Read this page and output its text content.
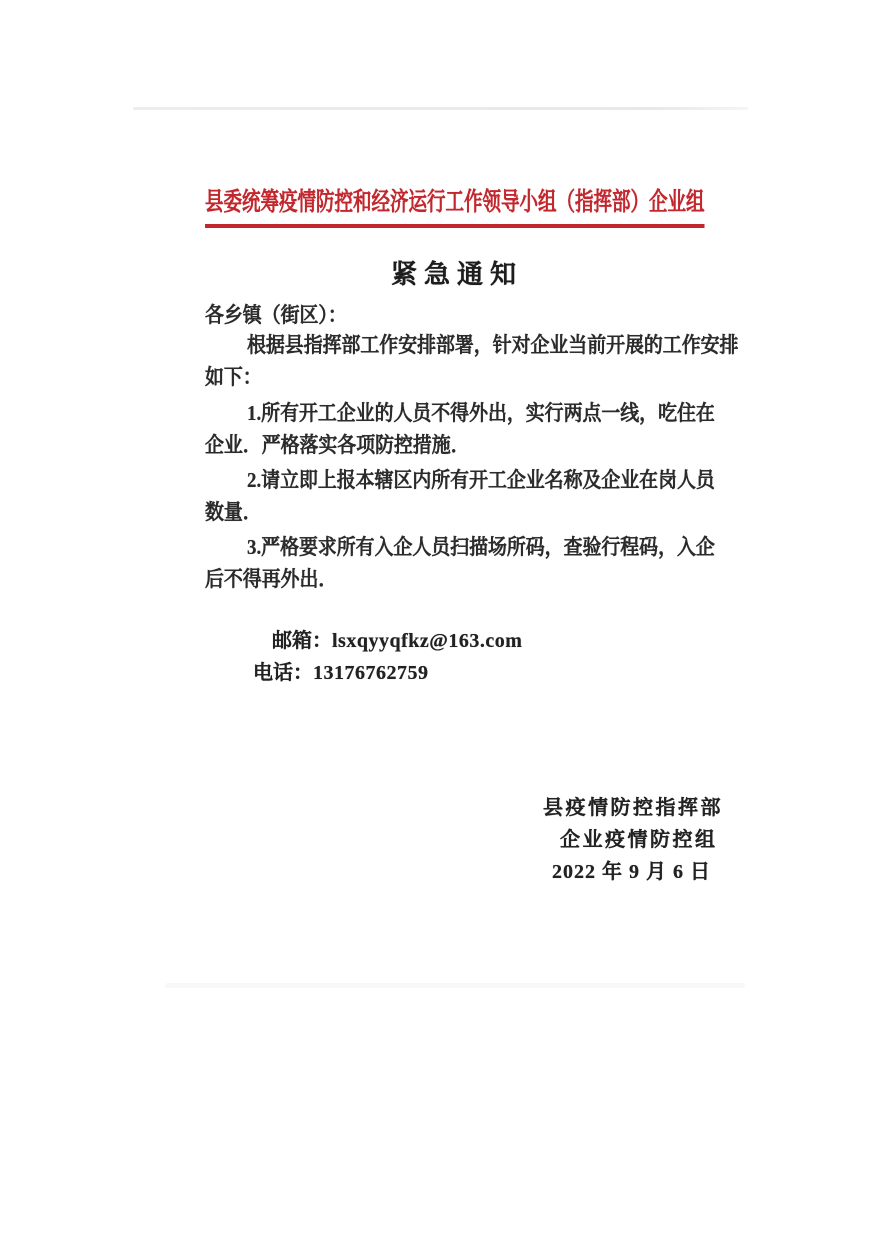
县委统筹疫情防控和经济运行工作领导小组（指挥部）企业组
紧急通知
各乡镇（街区）：
根据县指挥部工作安排部署，针对企业当前开展的工作安排
如下：
1.所有开工企业的人员不得外出，实行两点一线，吃住在
企业．严格落实各项防控措施．
2.请立即上报本辖区内所有开工企业名称及企业在岗人员
数量．
3.严格要求所有入企人员扫描场所码，查验行程码，入企
后不得再外出．
邮箱：lsxqyyqfkz@163.com
电话：13176762759
县疫情防控指挥部
企业疫情防控组
2022 年 9 月 6 日
